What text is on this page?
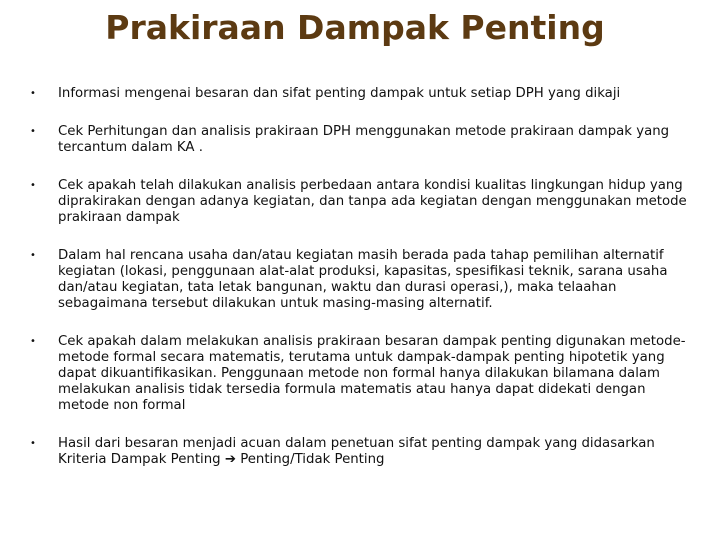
Prakiraan Dampak Penting
•	Informasi mengenai besaran dan sifat penting dampak untuk setiap DPH yang dikaji
•	Cek Perhitungan dan analisis prakiraan DPH menggunakan metode prakiraan dampak yang tercantum dalam KA .
•	Cek apakah telah dilakukan analisis perbedaan antara kondisi kualitas lingkungan hidup yang diprakirakan dengan adanya kegiatan, dan tanpa ada kegiatan dengan menggunakan metode prakiraan dampak
•	Dalam hal rencana usaha dan/atau kegiatan masih berada pada tahap pemilihan alternatif kegiatan (lokasi, penggunaan alat-alat produksi, kapasitas, spesifikasi teknik, sarana usaha dan/atau kegiatan, tata letak bangunan, waktu dan durasi operasi,), maka telaahan sebagaimana tersebut dilakukan untuk masing-masing alternatif.
•	Cek apakah dalam melakukan analisis prakiraan besaran dampak penting digunakan metode-metode formal secara matematis, terutama untuk dampak-dampak penting hipotetik yang dapat dikuantifikasikan. Penggunaan metode non formal hanya dilakukan bilamana dalam melakukan analisis tidak tersedia formula matematis atau hanya dapat didekati dengan metode non formal
•	Hasil dari besaran menjadi acuan dalam penetuan sifat penting dampak yang didasarkan Kriteria Dampak Penting ➔ Penting/Tidak Penting
